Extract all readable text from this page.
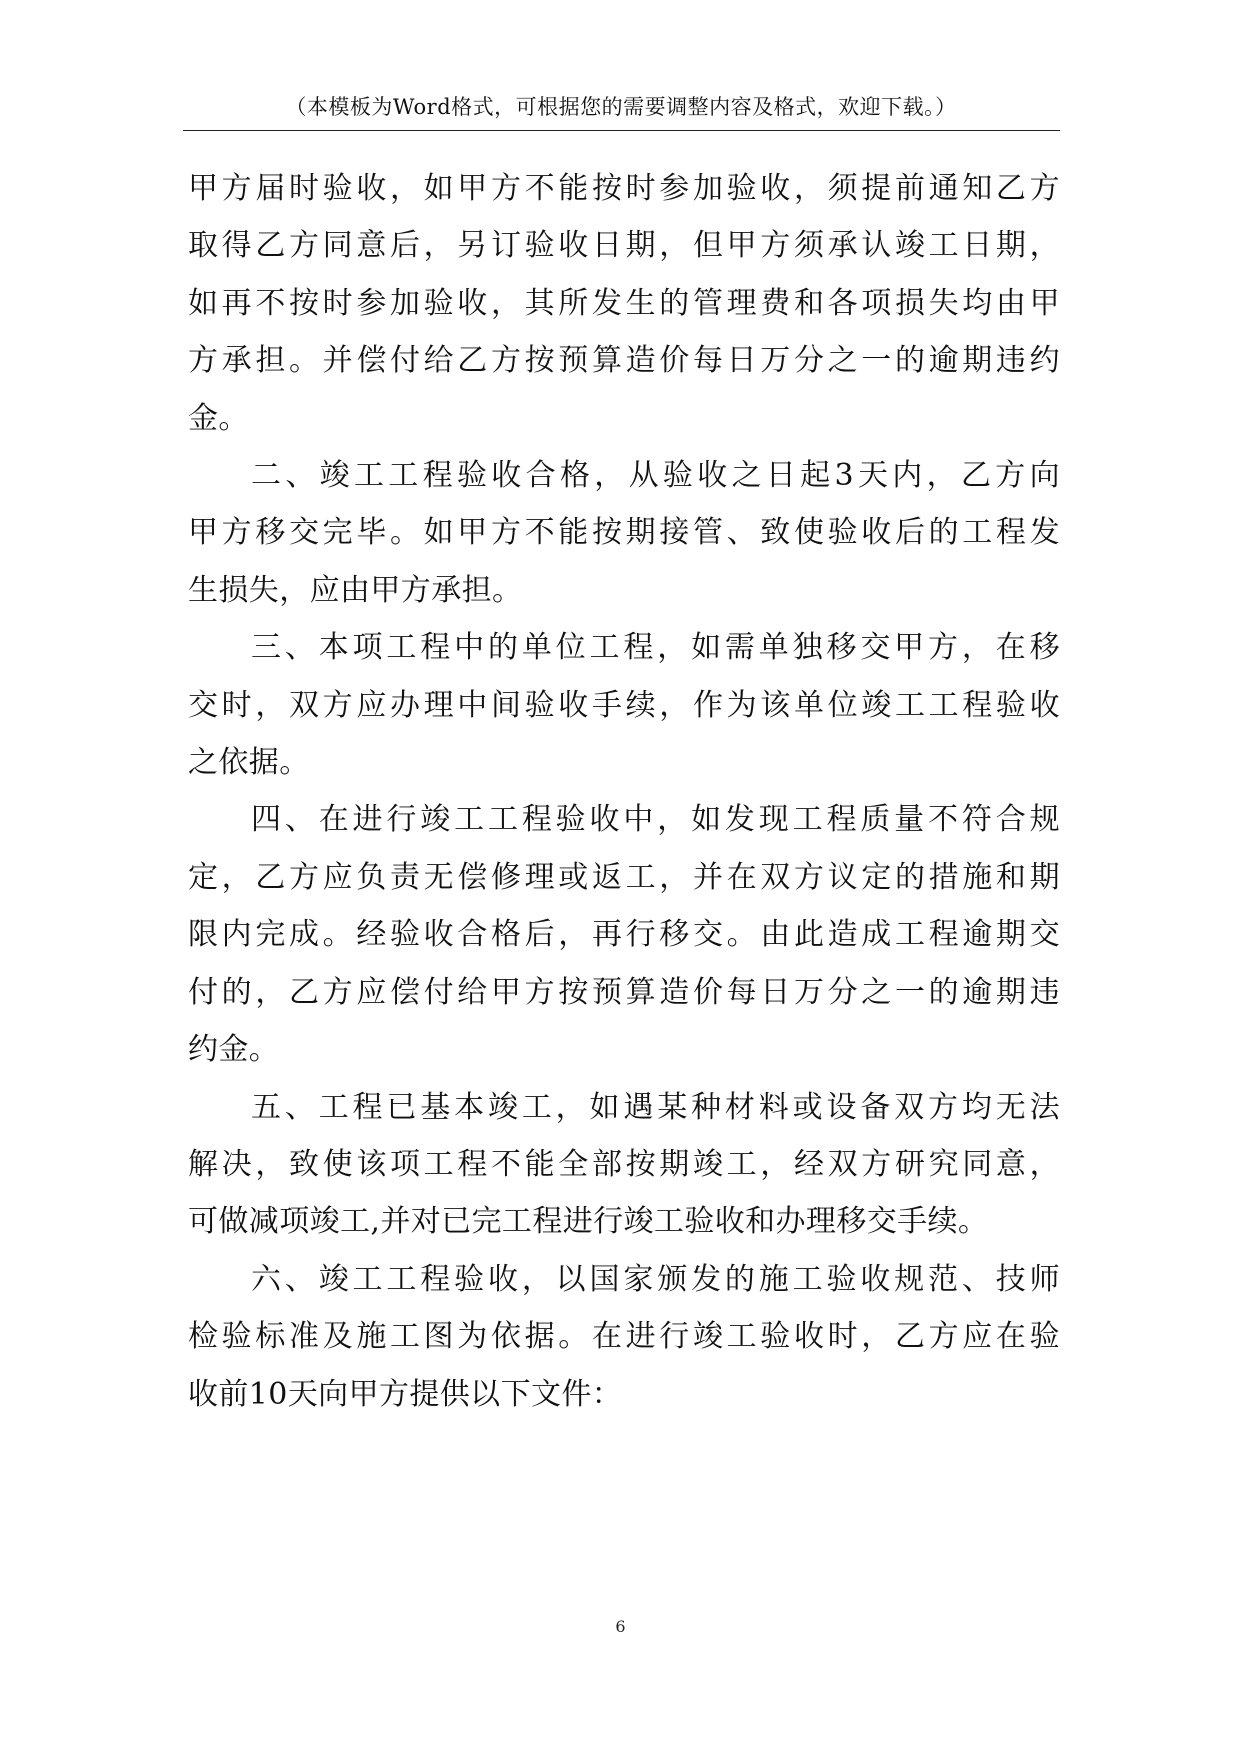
（本模板为Word格式，可根据您的需要调整内容及格式，欢迎下载。）

甲方届时验收，如甲方不能按时参加验收，须提前通知乙方
取得乙方同意后，另订验收日期，但甲方须承认竣工日期，
如再不按时参加验收，其所发生的管理费和各项损失均由甲
方承担。并偿付给乙方按预算造价每日万分之一的逾期违约
金。

二、竣工工程验收合格，从验收之日起3天内，乙方向
甲方移交完毕。如甲方不能按期接管、致使验收后的工程发
生损失，应由甲方承担。

三、本项工程中的单位工程，如需单独移交甲方，在移
交时，双方应办理中间验收手续，作为该单位竣工工程验收
之依据。

四、在进行竣工工程验收中，如发现工程质量不符合规
定，乙方应负责无偿修理或返工，并在双方议定的措施和期
限内完成。经验收合格后，再行移交。由此造成工程逾期交
付的，乙方应偿付给甲方按预算造价每日万分之一的逾期违
约金。

五、工程已基本竣工，如遇某种材料或设备双方均无法
解决，致使该项工程不能全部按期竣工，经双方研究同意，
可做减项竣工,并对已完工程进行竣工验收和办理移交手续。

六、竣工工程验收，以国家颁发的施工验收规范、技师
检验标准及施工图为依据。在进行竣工验收时，乙方应在验
收前10天向甲方提供以下文件：

6
